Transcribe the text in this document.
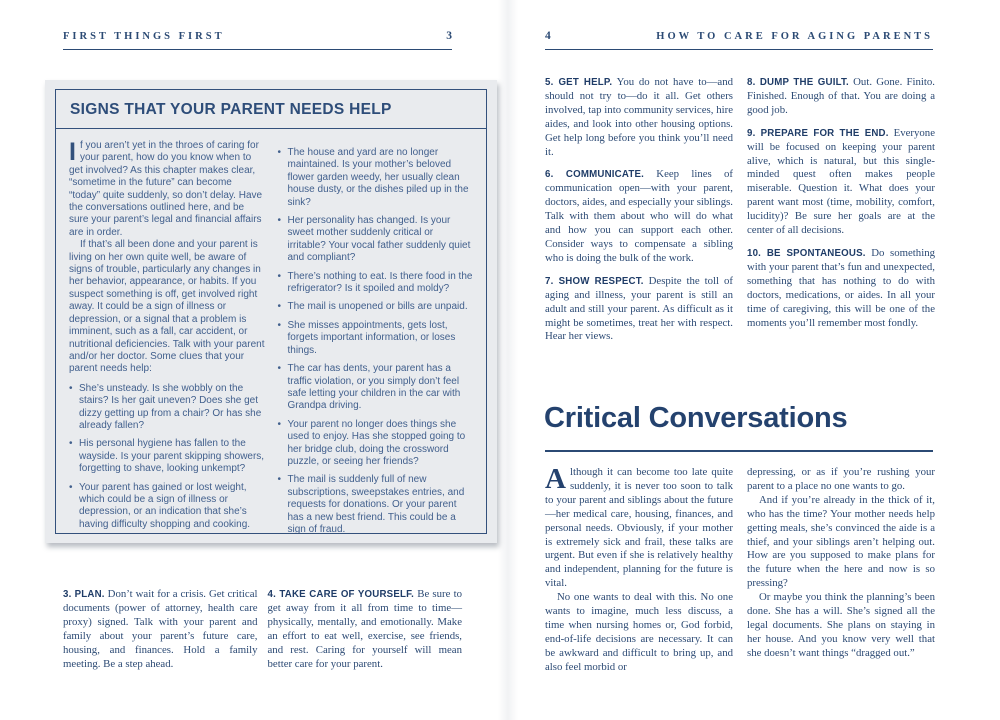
FIRST THINGS FIRST	3
SIGNS THAT YOUR PARENT NEEDS HELP

If you aren’t yet in the throes of caring for your parent, how do you know when to get involved? As this chapter makes clear, “sometime in the future” can become “today” quite suddenly, so don’t delay. Have the conversations outlined here, and be sure your parent’s legal and financial affairs are in order.

If that’s all been done and your parent is living on her own quite well, be aware of signs of trouble, particularly any changes in her behavior, appearance, or habits. If you suspect something is off, get involved right away. It could be a sign of illness or depression, or a signal that a problem is imminent, such as a fall, car accident, or nutritional deficiencies. Talk with your parent and/or her doctor. Some clues that your parent needs help:

• She’s unsteady. Is she wobbly on the stairs? Is her gait uneven? Does she get dizzy getting up from a chair? Or has she already fallen?
• His personal hygiene has fallen to the wayside. Is your parent skipping showers, forgetting to shave, looking unkempt?
• Your parent has gained or lost weight, which could be a sign of illness or depression, or an indication that she’s having difficulty shopping and cooking.
• The house and yard are no longer maintained. Is your mother’s beloved flower garden weedy, her usually clean house dusty, or the dishes piled up in the sink?
• Her personality has changed. Is your sweet mother suddenly critical or irritable? Your vocal father suddenly quiet and compliant?
• There’s nothing to eat. Is there food in the refrigerator? Is it spoiled and moldy?
• The mail is unopened or bills are unpaid.
• She misses appointments, gets lost, forgets important information, or loses things.
• The car has dents, your parent has a traffic violation, or you simply don’t feel safe letting your children in the car with Grandpa driving.
• Your parent no longer does things she used to enjoy. Has she stopped going to her bridge club, doing the crossword puzzle, or seeing her friends?
• The mail is suddenly full of new subscriptions, sweepstakes entries, and requests for donations. Or your parent has a new best friend. This could be a sign of fraud.

3. PLAN. Don’t wait for a crisis. Get critical documents (power of attorney, health care proxy) signed. Talk with your parent and family about your parent’s future care, housing, and finances. Hold a family meeting. Be a step ahead.

4. TAKE CARE OF YOURSELF. Be sure to get away from it all from time to time—physically, mentally, and emotionally. Make an effort to eat well, exercise, see friends, and rest. Caring for yourself will mean better care for your parent.

4	HOW TO CARE FOR AGING PARENTS

5. GET HELP. You do not have to—and should not try to—do it all. Get others involved, tap into community services, hire aides, and look into other housing options. Get help long before you think you’ll need it.

6. COMMUNICATE. Keep lines of communication open—with your parent, doctors, aides, and especially your siblings. Talk with them about who will do what and how you can support each other. Consider ways to compensate a sibling who is doing the bulk of the work.

7. SHOW RESPECT. Despite the toll of aging and illness, your parent is still an adult and still your parent. As difficult as it might be sometimes, treat her with respect. Hear her views.

8. DUMP THE GUILT. Out. Gone. Finito. Finished. Enough of that. You are doing a good job.

9. PREPARE FOR THE END. Everyone will be focused on keeping your parent alive, which is natural, but this single-minded quest often makes people miserable. Question it. What does your parent want most (time, mobility, comfort, lucidity)? Be sure her goals are at the center of all decisions.

10. BE SPONTANEOUS. Do something with your parent that’s fun and unexpected, something that has nothing to do with doctors, medications, or aides. In all your time of caregiving, this will be one of the moments you’ll remember most fondly.

Critical Conversations

Although it can become too late quite suddenly, it is never too soon to talk to your parent and siblings about the future—her medical care, housing, finances, and personal needs. Obviously, if your mother is extremely sick and frail, these talks are urgent. But even if she is relatively healthy and independent, planning for the future is vital.

No one wants to deal with this. No one wants to imagine, much less discuss, a time when nursing homes or, God forbid, end-of-life decisions are necessary. It can be awkward and difficult to bring up, and also feel morbid or

depressing, or as if you’re rushing your parent to a place no one wants to go.

And if you’re already in the thick of it, who has the time? Your mother needs help getting meals, she’s convinced the aide is a thief, and your siblings aren’t helping out. How are you supposed to make plans for the future when the here and now is so pressing?

Or maybe you think the planning’s been done. She has a will. She’s signed all the legal documents. She plans on staying in her house. And you know very well that she doesn’t want things “dragged out.”
